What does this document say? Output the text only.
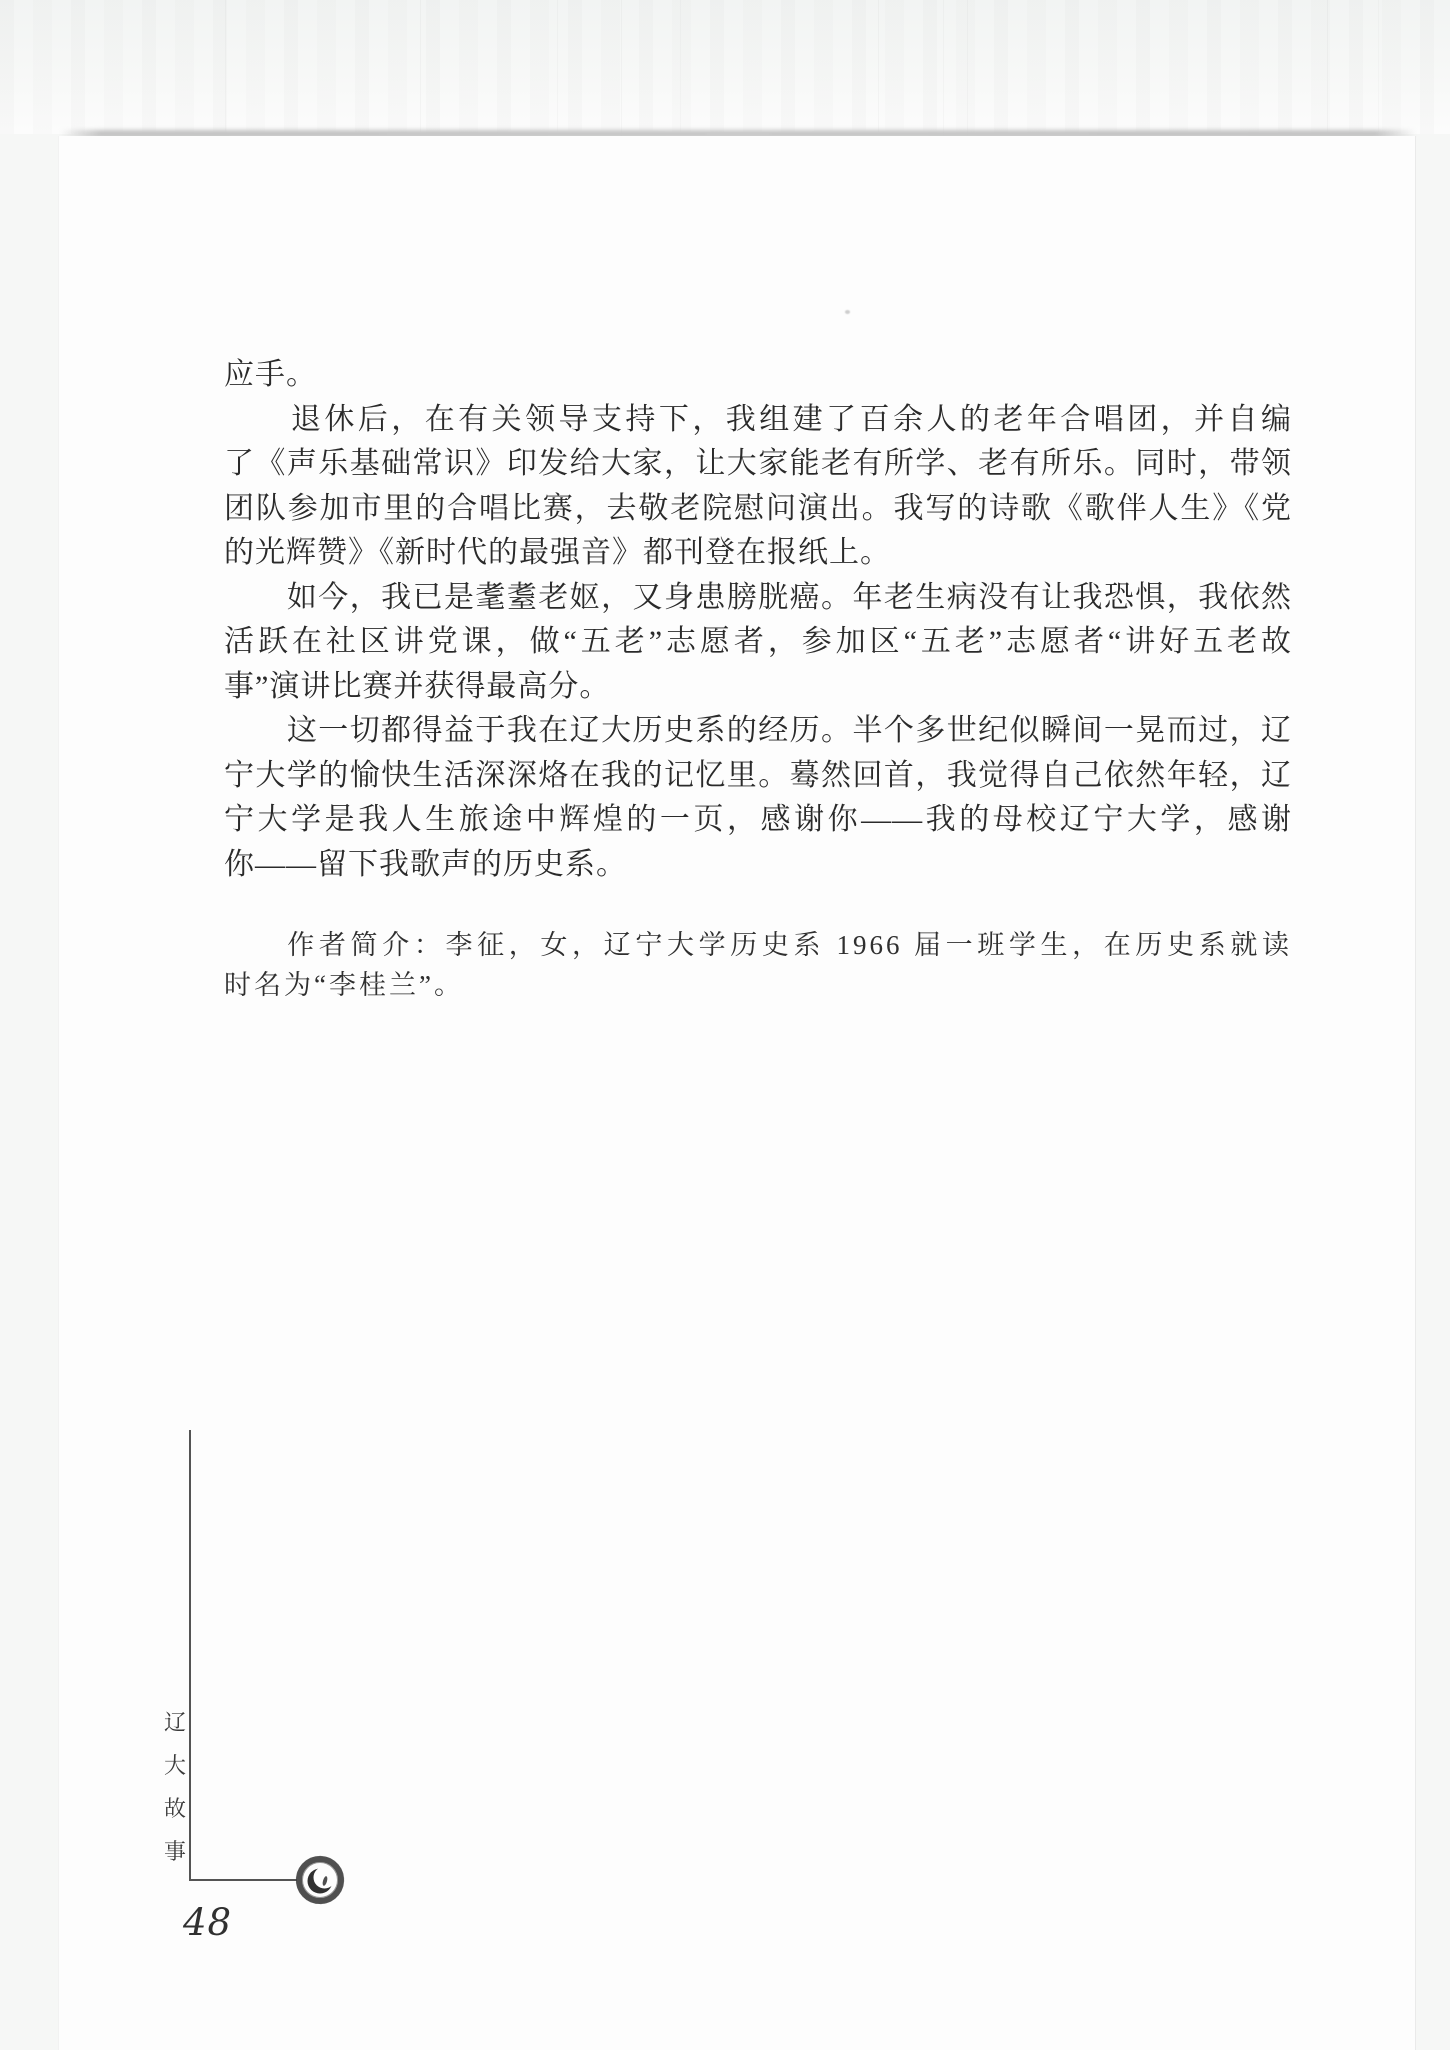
应手。
　　退休后，在有关领导支持下，我组建了百余人的老年合唱团，并自编
了《声乐基础常识》印发给大家，让大家能老有所学、老有所乐。同时，带领
团队参加市里的合唱比赛，去敬老院慰问演出。我写的诗歌《歌伴人生》《党
的光辉赞》《新时代的最强音》都刊登在报纸上。
　　如今，我已是耄耋老妪，又身患膀胱癌。年老生病没有让我恐惧，我依然
活跃在社区讲党课，做“五老”志愿者，参加区“五老”志愿者“讲好五老故
事”演讲比赛并获得最高分。
　　这一切都得益于我在辽大历史系的经历。半个多世纪似瞬间一晃而过，辽
宁大学的愉快生活深深烙在我的记忆里。蓦然回首，我觉得自己依然年轻，辽
宁大学是我人生旅途中辉煌的一页，感谢你——我的母校辽宁大学，感谢
你——留下我歌声的历史系。
　　作者简介：李征，女，辽宁大学历史系 1966 届一班学生，在历史系就读
时名为“李桂兰”。
辽
大
故
事
48
